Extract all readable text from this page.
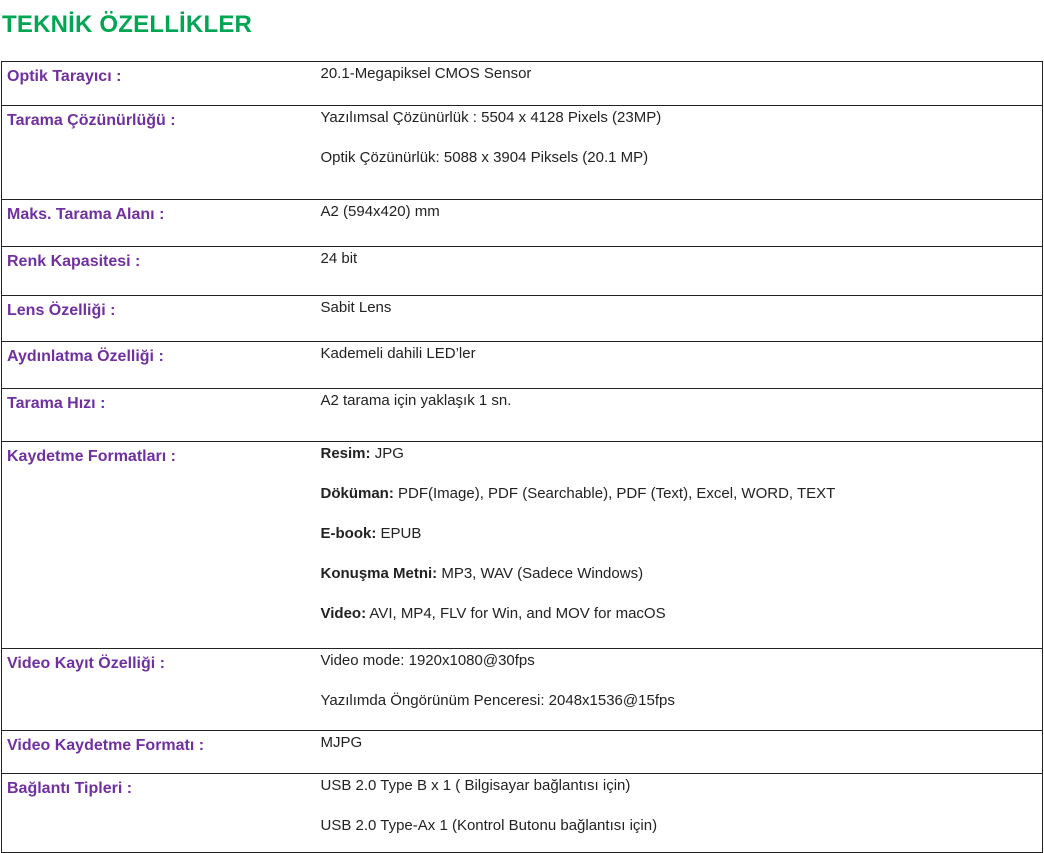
TEKNİK ÖZELLİKLER
Optik Tarayıcı :	20.1-Megapiksel CMOS Sensor

Tarama Çözünürlüğü :	Yazılımsal Çözünürlük : 5504 x 4128 Pixels (23MP)
Optik Çözünürlük: 5088 x 3904 Piksels (20.1 MP)

Maks. Tarama Alanı :	A2 (594x420) mm

Renk Kapasitesi :	24 bit

Lens Özelliği :	Sabit Lens

Aydınlatma Özelliği :	Kademeli dahili LED’ler

Tarama Hızı :	A2 tarama için yaklaşık 1 sn.

Kaydetme Formatları :	Resim: JPG
Döküman: PDF(Image), PDF (Searchable), PDF (Text), Excel, WORD, TEXT
E-book: EPUB
Konuşma Metni: MP3, WAV (Sadece Windows)
Video: AVI, MP4, FLV for Win, and MOV for macOS

Video Kayıt Özelliği :	Video mode: 1920x1080@30fps
Yazılımda Öngörünüm Penceresi: 2048x1536@15fps

Video Kaydetme Formatı :	MJPG

Bağlantı Tipleri :	USB 2.0 Type B x 1 ( Bilgisayar bağlantısı için)
USB 2.0 Type-Ax 1 (Kontrol Butonu bağlantısı için)
